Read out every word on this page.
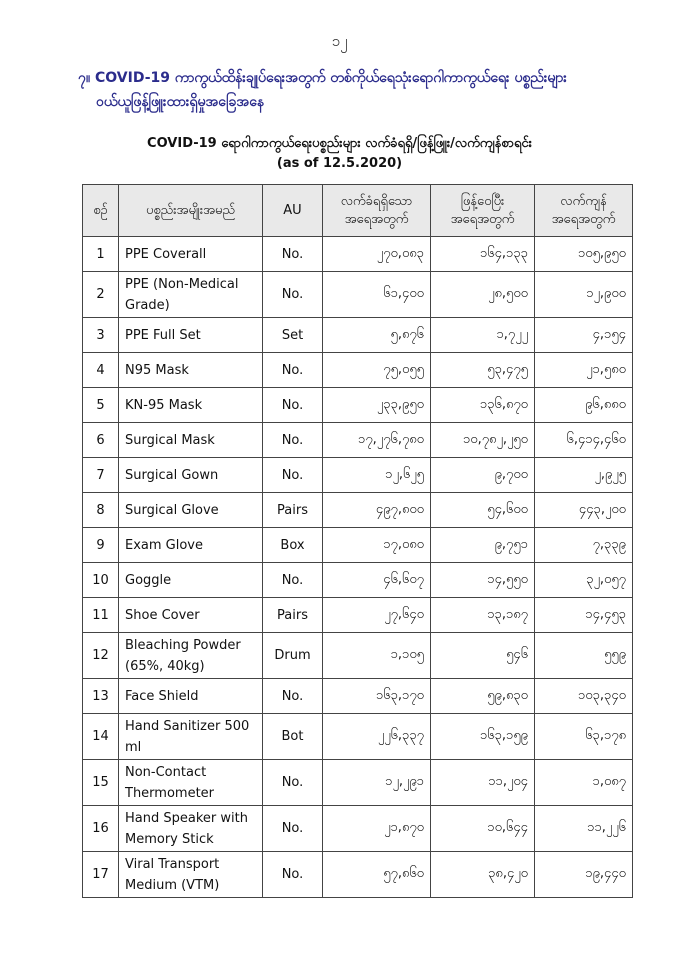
၁၂
၇။ COVID-19 ကာကွယ်ထိန်းချုပ်ရေးအတွက် တစ်ကိုယ်ရေသုံးရောဂါကာကွယ်ရေး ပစ္စည်းများ
ဝယ်ယူဖြန့်ဖြူးထားရှိမှုအခြေအနေ
COVID-19 ရောဂါကာကွယ်ရေးပစ္စည်းများ လက်ခံရရှိ/ဖြန့်ဖြူး/လက်ကျန်စာရင်း
(as of 12.5.2020)
စဉ်	ပစ္စည်းအမျိုးအမည်	AU	လက်ခံရရှိသော အရေအတွက်	ဖြန့်ဝေပြီး အရေအတွက်	လက်ကျန် အရေအတွက်
1	PPE Coverall	No.	၂၇၀,၀၈၃	၁၆၄,၁၃၃	၁၀၅,၉၅၀
2	PPE (Non-Medical Grade)	No.	၆၁,၄၀၀	၂၈,၅၀၀	၁၂,၉၀၀
3	PPE Full Set	Set	၅,၈၇၆	၁,၇၂၂	၄,၁၅၄
4	N95 Mask	No.	၇၅,၀၅၅	၅၃,၄၇၅	၂၁,၅၈၀
5	KN-95 Mask	No.	၂၃၃,၉၅၀	၁၃၆,၈၇၀	၉၆,၈၈၀
6	Surgical Mask	No.	၁၇,၂၇၆,၇၈၀	၁၀,၇၈၂,၂၅၀	၆,၄၁၄,၄၆၀
7	Surgical Gown	No.	၁၂,၆၂၅	၉,၇၀၀	၂,၉၂၅
8	Surgical Glove	Pairs	၄၉၇,၈၀၀	၅၄,၆၀၀	၄၄၃,၂၀၀
9	Exam Glove	Box	၁၇,၀၈၀	၉,၇၅၁	၇,၃၃၉
10	Goggle	No.	၄၆,၆၀၇	၁၄,၅၅၀	၃၂,၀၅၇
11	Shoe Cover	Pairs	၂၇,၆၄၀	၁၃,၁၈၇	၁၄,၄၅၃
12	Bleaching Powder (65%, 40kg)	Drum	၁,၁၀၅	၅၄၆	၅၅၉
13	Face Shield	No.	၁၆၃,၁၇၀	၅၉,၈၃၀	၁၀၃,၃၄၀
14	Hand Sanitizer 500 ml	Bot	၂၂၆,၃၃၇	၁၆၃,၁၅၉	၆၃,၁၇၈
15	Non-Contact Thermometer	No.	၁၂,၂၉၁	၁၁,၂၀၄	၁,၀၈၇
16	Hand Speaker with Memory Stick	No.	၂၁,၈၇၀	၁၀,၆၄၄	၁၁,၂၂၆
17	Viral Transport Medium (VTM)	No.	၅၇,၈၆၀	၃၈,၄၂၀	၁၉,၄၄၀
